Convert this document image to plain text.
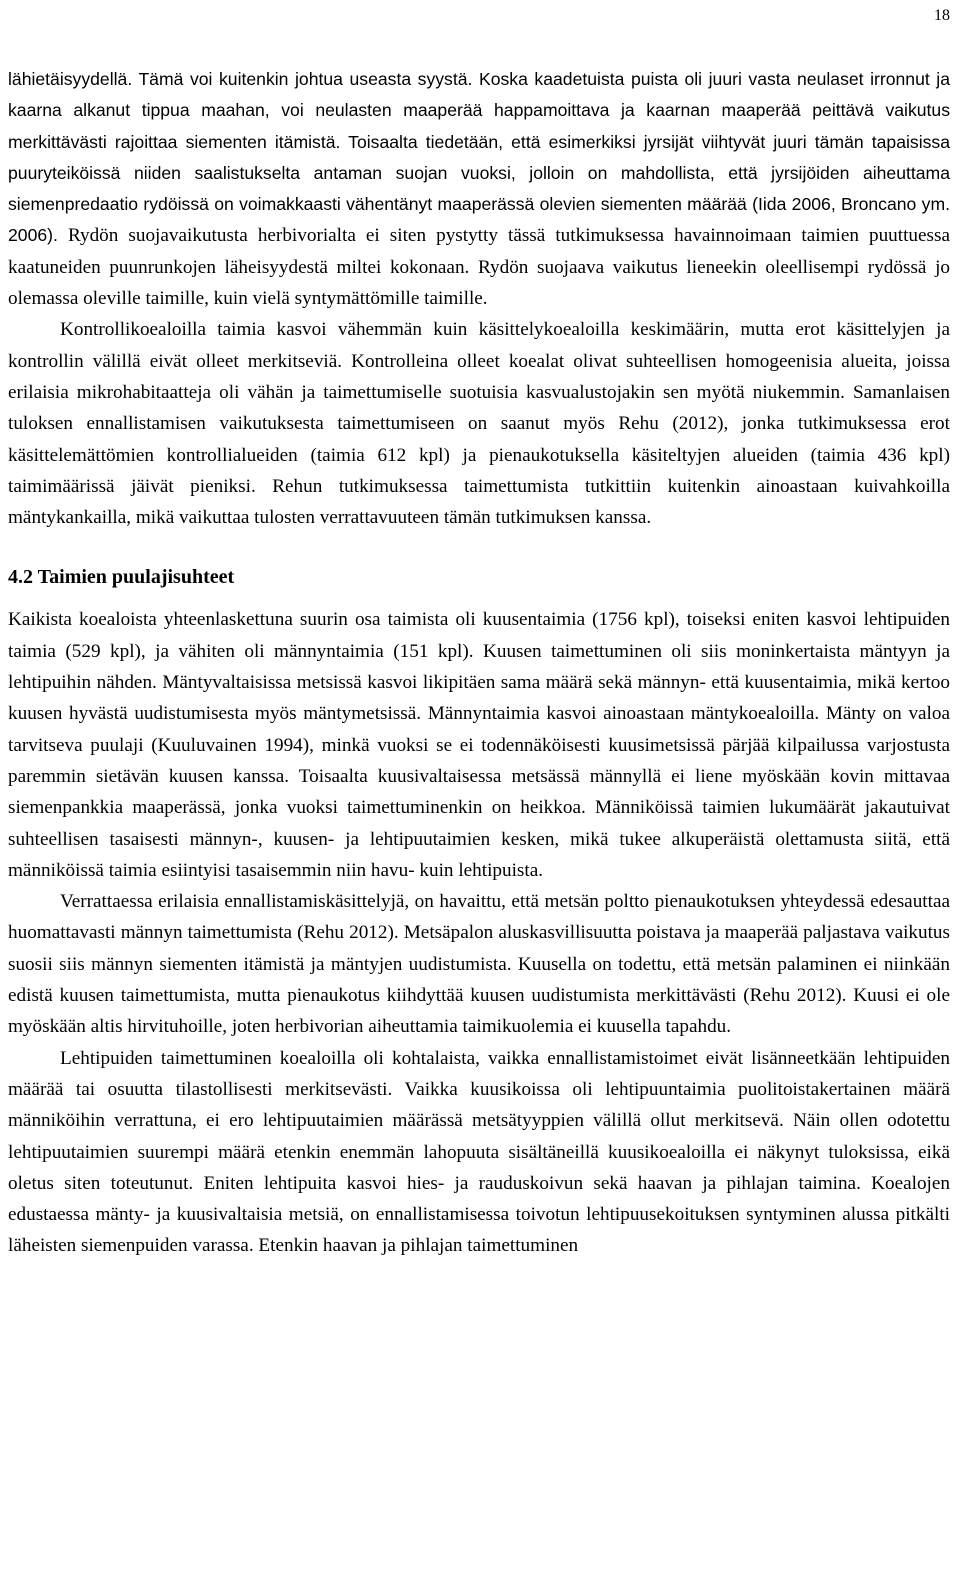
18

lähietäisyydellä. Tämä voi kuitenkin johtua useasta syystä. Koska kaadetuista puista oli juuri vasta neulaset irronnut ja kaarna alkanut tippua maahan, voi neulasten maaperää happamoittava ja kaarnan maaperää peittävä vaikutus merkittävästi rajoittaa siementen itämistä. Toisaalta tiedetään, että esimerkiksi jyrsijät viihtyvät juuri tämän tapaisissa puuryteiköissä niiden saalistukselta antaman suojan vuoksi, jolloin on mahdollista, että jyrsijöiden aiheuttama siemenpredaatio rydöissä on voimakkaasti vähentänyt maaperässä olevien siementen määrää (Iida 2006, Broncano ym. 2006). Rydön suojavaikutusta herbivorialta ei siten pystytty tässä tutkimuksessa havainnoimaan taimien puuttuessa kaatuneiden puunrunkojen läheisyydestä miltei kokonaan. Rydön suojaava vaikutus lieneekin oleellisempi rydössä jo olemassa oleville taimille, kuin vielä syntymättömille taimille.

Kontrollikoealoilla taimia kasvoi vähemmän kuin käsittelykoealoilla keskimäärin, mutta erot käsittelyjen ja kontrollin välillä eivät olleet merkitseviä. Kontrolleina olleet koealat olivat suhteellisen homogeenisia alueita, joissa erilaisia mikrohabitaatteja oli vähän ja taimettumiselle suotuisia kasvualustojakin sen myötä niukemmin. Samanlaisen tuloksen ennallistamisen vaikutuksesta taimettumiseen on saanut myös Rehu (2012), jonka tutkimuksessa erot käsittelemättömien kontrollialueiden (taimia 612 kpl) ja pienaukotuksella käsiteltyjen alueiden (taimia 436 kpl) taimimäärissä jäivät pieniksi. Rehun tutkimuksessa taimettumista tutkittiin kuitenkin ainoastaan kuivahkoilla mäntykankailla, mikä vaikuttaa tulosten verrattavuuteen tämän tutkimuksen kanssa.

4.2 Taimien puulajisuhteet

Kaikista koealoista yhteenlaskettuna suurin osa taimista oli kuusentaimia (1756 kpl), toiseksi eniten kasvoi lehtipuiden taimia (529 kpl), ja vähiten oli männyntaimia (151 kpl). Kuusen taimettuminen oli siis moninkertaista mäntyyn ja lehtipuihin nähden. Mäntyvaltaisissa metsissä kasvoi likipitäen sama määrä sekä männyn- että kuusentaimia, mikä kertoo kuusen hyvästä uudistumisesta myös mäntymetsissä. Männyntaimia kasvoi ainoastaan mäntykoealoilla. Mänty on valoa tarvitseva puulaji (Kuuluvainen 1994), minkä vuoksi se ei todennäköisesti kuusimetsissä pärjää kilpailussa varjostusta paremmin sietävän kuusen kanssa. Toisaalta kuusivaltaisessa metsässä männyllä ei liene myöskään kovin mittavaa siemenpankkia maaperässä, jonka vuoksi taimettuminenkin on heikkoa. Männiköissä taimien lukumäärät jakautuivat suhteellisen tasaisesti männyn-, kuusen- ja lehtipuutaimien kesken, mikä tukee alkuperäistä olettamusta siitä, että männiköissä taimia esiintyisi tasaisemmin niin havu- kuin lehtipuista.

Verrattaessa erilaisia ennallistamiskäsittelyjä, on havaittu, että metsän poltto pienaukotuksen yhteydessä edesauttaa huomattavasti männyn taimettumista (Rehu 2012). Metsäpalon aluskasvillisuutta poistava ja maaperää paljastava vaikutus suosii siis männyn siementen itämistä ja mäntyjen uudistumista. Kuusella on todettu, että metsän palaminen ei niinkään edistä kuusen taimettumista, mutta pienaukotus kiihdyttää kuusen uudistumista merkittävästi (Rehu 2012). Kuusi ei ole myöskään altis hirvituhoille, joten herbivorian aiheuttamia taimikuolemia ei kuusella tapahdu.

Lehtipuiden taimettuminen koealoilla oli kohtalaista, vaikka ennallistamistoimet eivät lisänneetkään lehtipuiden määrää tai osuutta tilastollisesti merkitsevästi. Vaikka kuusikoissa oli lehtipuuntaimia puolitoistakertainen määrä männiköihin verrattuna, ei ero lehtipuutaimien määrässä metsätyyppien välillä ollut merkitsevä. Näin ollen odotettu lehtipuutaimien suurempi määrä etenkin enemmän lahopuuta sisältäneillä kuusikoealoilla ei näkynyt tuloksissa, eikä oletus siten toteutunut. Eniten lehtipuita kasvoi hies- ja rauduskoivun sekä haavan ja pihlajan taimina. Koealojen edustaessa mänty- ja kuusivaltaisia metsiä, on ennallistamisessa toivotun lehtipuusekoituksen syntyminen alussa pitkälti läheisten siemenpuiden varassa. Etenkin haavan ja pihlajan taimettuminen
